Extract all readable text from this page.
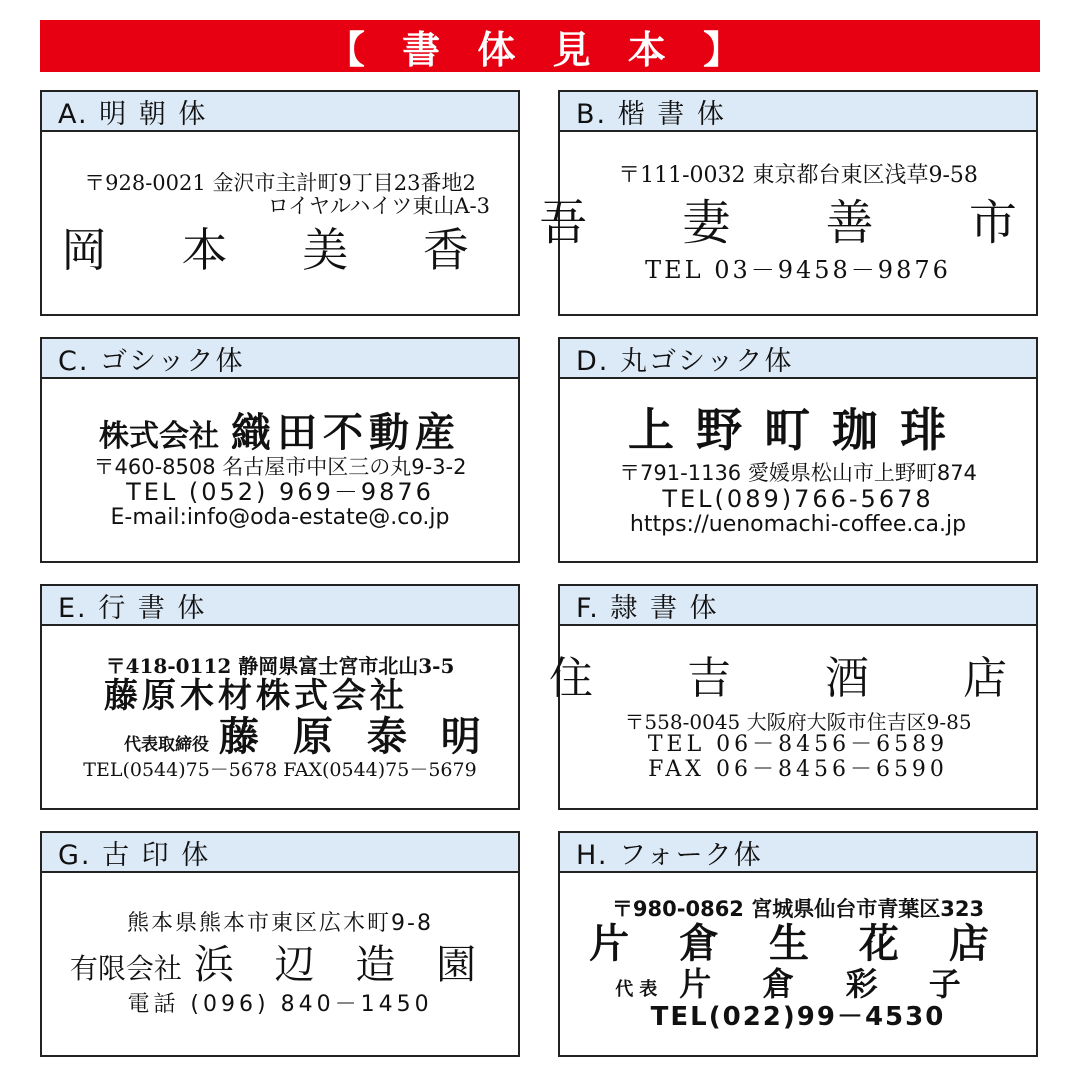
【 書 体 見 本 】
A. 明 朝 体
〒928-0021 金沢市主計町9丁目23番地2
ロイヤルハイツ東山A-3
岡 本 美 香
B. 楷 書 体
〒111-0032 東京都台東区浅草9-58
吾 妻 善 市
TEL 03－9458－9876
C. ゴシック体
株式会社 織田不動産
〒460-8508 名古屋市中区三の丸9-3-2
TEL (052) 969－9876
E-mail:info@oda-estate@.co.jp
D. 丸ゴシック体
上野町珈琲
〒791-1136 愛媛県松山市上野町874
TEL(089)766-5678
https://uenomachi-coffee.ca.jp
E. 行 書 体
〒418-0112 静岡県富士宮市北山3-5
藤原木材株式会社
代表取締役 藤 原 泰 明
TEL(0544)75－5678 FAX(0544)75－5679
F. 隷 書 体
住 吉 酒 店
〒558-0045 大阪府大阪市住吉区9-85
TEL 06－8456－6589
FAX 06－8456－6590
G. 古 印 体
熊本県熊本市東区広木町9-8
有限会社 浜 辺 造 園
電話 (096) 840－1450
H. フォーク体
〒980-0862 宮城県仙台市青葉区323
片 倉 生 花 店
代表 片 倉 彩 子
TEL(022)99－4530
